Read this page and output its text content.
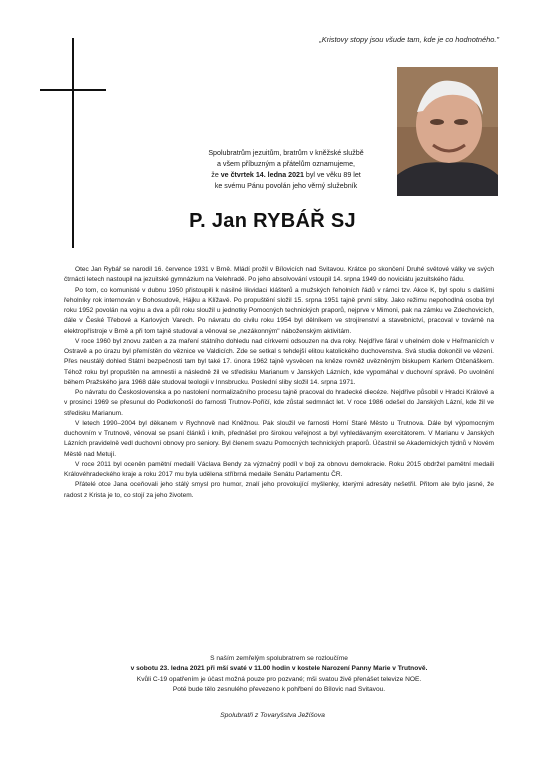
„Kristovy stopy jsou všude tam, kde je co hodnotného."
Spolubratrům jezuitům, bratrům v kněžské službě
a všem příbuzným a přátelům oznamujeme,
že ve čtvrtek 14. ledna 2021 byl ve věku 89 let
ke svému Pánu povolán jeho věrný služebník
P. Jan RYBÁŘ SJ

Otec Jan Rybář se narodil 16. července 1931 v Brně. Mládí prožil v Bílovicích nad Svitavou. Krátce po skončení Druhé světové války ve svých čtrnácti letech nastoupil na jezuitské gymnázium na Velehradě. Po jeho absolvování vstoupil 14. srpna 1949 do noviciátu jezuitského řádu.

Po tom, co komunisté v dubnu 1950 přistoupili k násilné likvidaci klášterů a mužských řeholních řádů v rámci tzv. Akce K, byl spolu s dalšími řeholníky rok internován v Bohosudově, Hájku a Klížavě. Po propuštění složil 15. srpna 1951 tajně první sliby. Jako režimu nepohodlná osoba byl roku 1952 povolán na vojnu a dva a půl roku sloužil u jednotky Pomocných technických praporů, nejprve v Mimoni, pak na zámku ve Zdechovicích, dále v České Třebové a Karlových Varech. Po návratu do civilu roku 1954 byl dělníkem ve strojírenství a stavebnictví, pracoval v továrně na elektropřístroje v Brně a při tom tajně studoval a věnoval se „nezákonným" náboženským aktivitám.

V roce 1960 byl znovu zatčen a za maření státního dohledu nad církvemi odsouzen na dva roky. Nejdříve fáral v uhelném dole v Heřmanicích v Ostravě a po úrazu byl přemístěn do věznice ve Valdicích. Zde se setkal s tehdejší elitou katolického duchovenstva. Svá studia dokončil ve vězení. Přes neustálý dohled Státní bezpečnosti tam byl také 17. února 1962 tajně vysvěcen na kněze rovněž uvězněným biskupem Karlem Otčenáškem. Téhož roku byl propuštěn na amnestii a následně žil ve středisku Marianum v Janských Lázních, kde vypomáhal v duchovní správě. Po uvolnění během Pražského jara 1968 dále studoval teologii v Innsbrucku. Poslední sliby složil 14. srpna 1971.

Po návratu do Československa a po nastolení normalizačního procesu tajně pracoval do hradecké diecéze. Nejdříve působil v Hradci Králové a v prosinci 1969 se přesunul do Podkrkonoší do farnosti Trutnov-Poříčí, kde zůstal sedmnáct let. V roce 1986 odešel do Janských Lázní, kde žil ve středisku Marianum.

V letech 1990–2004 byl děkanem v Rychnově nad Kněžnou. Pak sloužil ve farnosti Horní Staré Město u Trutnova. Dále byl výpomocným duchovním v Trutnově, věnoval se psaní článků i knih, přednášel pro širokou veřejnost a byl vyhledávaným exercitátorem. V Marianu v Janských Lázních pravidelně vedl duchovní obnovy pro seniory. Byl členem svazu Pomocných technických praporů. Účastnil se Akademických týdnů v Novém Městě nad Metují.

V roce 2011 byl oceněn pamětní medailí Václava Bendy za význačný podíl v boji za obnovu demokracie. Roku 2015 obdržel pamětní medaili Královéhradeckého kraje a roku 2017 mu byla udělena stříbrná medaile Senátu Parlamentu ČR.

Přátelé otce Jana oceňovali jeho stálý smysl pro humor, znalí jeho provokující myšlenky, kterými adresáty nešetřil. Přitom ale bylo jasné, že radost z Krista je to, co stojí za jeho životem.

S naším zemřelým spolubratrem se rozloučíme
v sobotu 23. ledna 2021 při mší svaté v 11.00 hodin v kostele Narození Panny Marie v Trutnově.
Kvůli C-19 opatřením je účast možná pouze pro pozvané; mši svatou živě přenášet televize NOE.
Poté bude tělo zesnulého převezeno k pohřbení do Bílovic nad Svitavou.
Spolubratři z Tovaryšstva Ježíšova
